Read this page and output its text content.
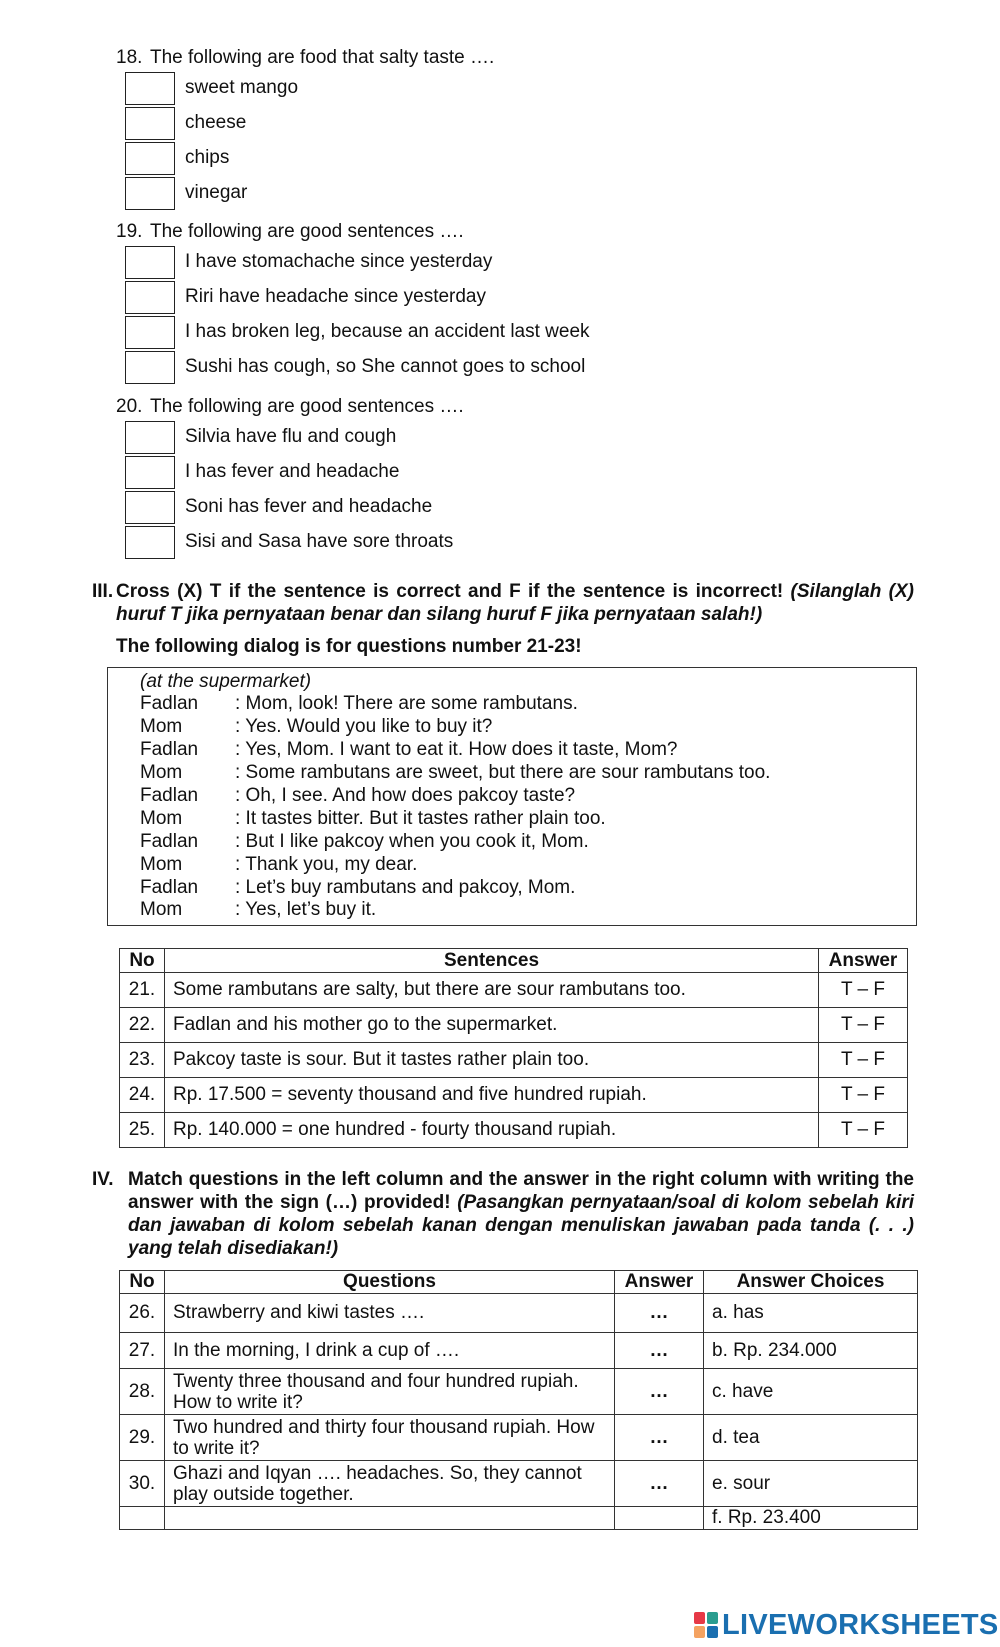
18. The following are food that salty taste ….
sweet mango
cheese
chips
vinegar
19. The following are good sentences ….
I have stomachache since yesterday
Riri have headache since yesterday
I has broken leg, because an accident last week
Sushi has cough, so She cannot goes to school
20. The following are good sentences ….
Silvia have flu and cough
I has fever and headache
Soni has fever and headache
Sisi and Sasa have sore throats
III. Cross (X) T if the sentence is correct and F if the sentence is incorrect! (Silanglah (X) huruf T jika pernyataan benar dan silang huruf F jika pernyataan salah!)
The following dialog is for questions number 21-23!
(at the supermarket)
Fadlan : Mom, look! There are some rambutans.
Mom	: Yes. Would you like to buy it?
Fadlan : Yes, Mom. I want to eat it. How does it taste, Mom?
Mom	: Some rambutans are sweet, but there are sour rambutans too.
Fadlan : Oh, I see. And how does pakcoy taste?
Mom	: It tastes bitter. But it tastes rather plain too.
Fadlan : But I like pakcoy when you cook it, Mom.
Mom	: Thank you, my dear.
Fadlan : Let’s buy rambutans and pakcoy, Mom.
Mom	: Yes, let’s buy it.
No	Sentences	Answer
21.	Some rambutans are salty, but there are sour rambutans too.	T – F
22.	Fadlan and his mother go to the supermarket.	T – F
23.	Pakcoy taste is sour. But it tastes rather plain too.	T – F
24.	Rp. 17.500 = seventy thousand and five hundred rupiah.	T – F
25.	Rp. 140.000 = one hundred - fourty thousand rupiah.	T – F
IV. Match questions in the left column and the answer in the right column with writing the answer with the sign (…) provided! (Pasangkan pernyataan/soal di kolom sebelah kiri dan jawaban di kolom sebelah kanan dengan menuliskan jawaban pada tanda (. . .) yang telah disediakan!)
No	Questions	Answer	Answer Choices
26.	Strawberry and kiwi tastes ….	…	a. has
27.	In the morning, I drink a cup of ….	…	b. Rp. 234.000
28.	Twenty three thousand and four hundred rupiah. How to write it?	…	c. have
29.	Two hundred and thirty four thousand rupiah. How to write it?	…	d. tea
30.	Ghazi and Iqyan …. headaches. So, they cannot play outside together.	…	e. sour
			f. Rp. 23.400
LIVEWORKSHEETS
